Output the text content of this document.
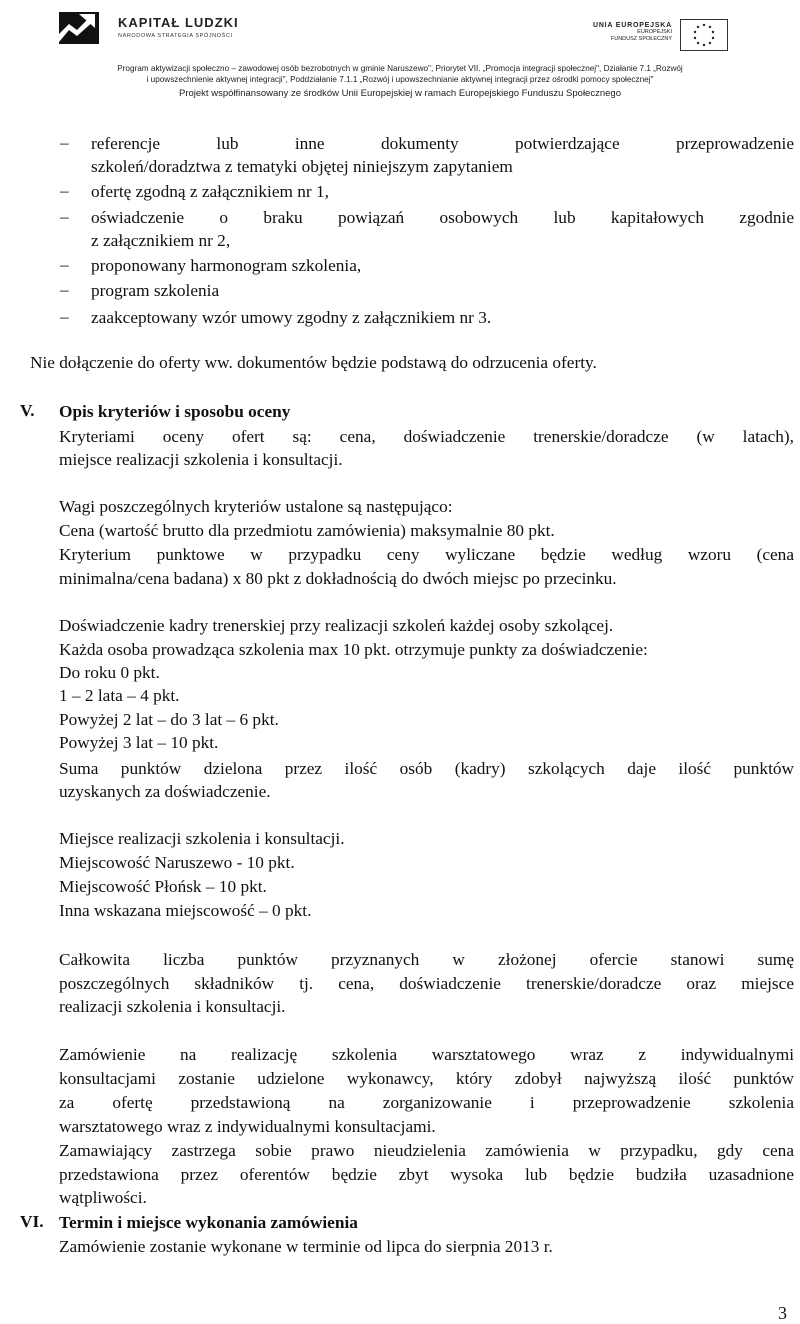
KAPITAŁ LUDZKI
NARODOWA STRATEGIA SPÓJNOŚCI
UNIA EUROPEJSKA
EUROPEJSKI
FUNDUSZ SPOŁECZNY
Program aktywizacji społeczno – zawodowej osób bezrobotnych w gminie Naruszewo", Priorytet VII. „Promocja integracji społecznej", Działanie 7.1 „Rozwój
i upowszechnienie aktywnej integracji", Poddziałanie 7.1.1 „Rozwój i upowszechnianie aktywnej integracji przez ośrodki pomocy społecznej"
Projekt współfinansowany ze środków Unii Europejskiej w ramach Europejskiego Funduszu Społecznego
– referencje lub inne dokumenty potwierdzające przeprowadzenie
szkoleń/doradztwa z tematyki objętej niniejszym zapytaniem
– ofertę zgodną z załącznikiem nr 1,
– oświadczenie o braku powiązań osobowych lub kapitałowych zgodnie
z załącznikiem nr 2,
– proponowany harmonogram szkolenia,
– program szkolenia
– zaakceptowany wzór umowy zgodny z załącznikiem nr 3.
Nie dołączenie do oferty ww. dokumentów będzie podstawą do odrzucenia oferty.
V. Opis kryteriów i sposobu oceny
Kryteriami oceny ofert są: cena, doświadczenie trenerskie/doradcze (w latach),
miejsce realizacji szkolenia i konsultacji.
Wagi poszczególnych kryteriów ustalone są następująco:
Cena (wartość brutto dla przedmiotu zamówienia) maksymalnie 80 pkt.
Kryterium punktowe w przypadku ceny wyliczane będzie według wzoru (cena
minimalna/cena badana) x 80 pkt z dokładnością do dwóch miejsc po przecinku.
Doświadczenie kadry trenerskiej przy realizacji szkoleń każdej osoby szkolącej.
Każda osoba prowadząca szkolenia max 10 pkt. otrzymuje punkty za doświadczenie:
Do roku 0 pkt.
1 – 2 lata – 4 pkt.
Powyżej 2 lat – do 3 lat – 6 pkt.
Powyżej 3 lat – 10 pkt.
Suma punktów dzielona przez ilość osób (kadry) szkolących daje ilość punktów
uzyskanych za doświadczenie.
Miejsce realizacji szkolenia i konsultacji.
Miejscowość Naruszewo - 10 pkt.
Miejscowość Płońsk – 10 pkt.
Inna wskazana miejscowość – 0 pkt.
Całkowita liczba punktów przyznanych w złożonej ofercie stanowi sumę
poszczególnych składników tj. cena, doświadczenie trenerskie/doradcze oraz miejsce
realizacji szkolenia i konsultacji.
Zamówienie na realizację szkolenia warsztatowego wraz z indywidualnymi
konsultacjami zostanie udzielone wykonawcy, który zdobył najwyższą ilość punktów
za ofertę przedstawioną na zorganizowanie i przeprowadzenie szkolenia
warsztatowego wraz z indywidualnymi konsultacjami.
Zamawiający zastrzega sobie prawo nieudzielenia zamówienia w przypadku, gdy cena
przedstawiona przez oferentów będzie zbyt wysoka lub będzie budziła uzasadnione
wątpliwości.
VI. Termin i miejsce wykonania zamówienia
Zamówienie zostanie wykonane w terminie od lipca do sierpnia 2013 r.
3
